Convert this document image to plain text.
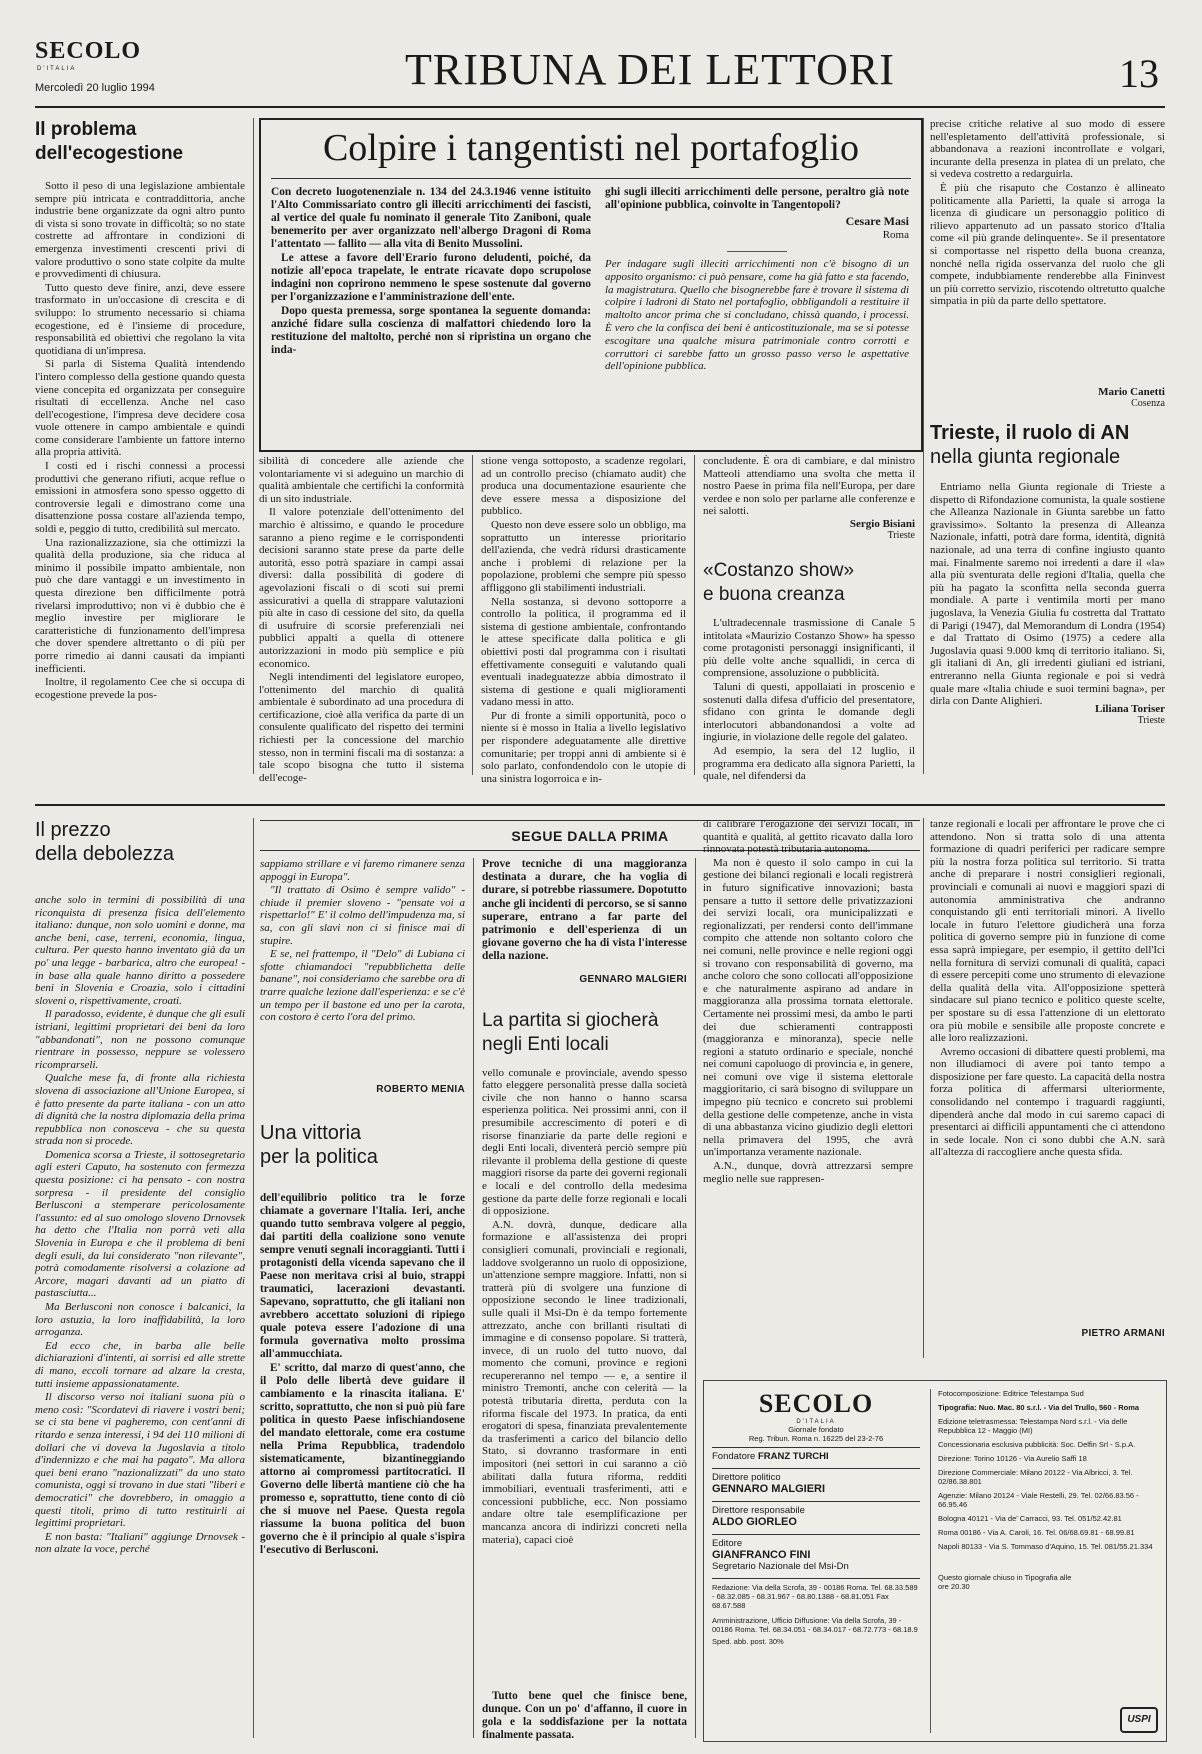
SECOLO
D'ITALIA
Mercoledì 20 luglio 1994	TRIBUNA DEI LETTORI	13
Il problema
dell'ecogestione

Sotto il peso di una legislazione ambientale sempre più intricata e contraddittoria, anche industrie bene organizzate da ogni altro punto di vista si sono trovate in difficoltà; so no state costrette ad affrontare in condizioni di emergenza investimenti crescenti privi di valore produttivo o sono state colpite da multe e provvedimenti di chiusura.

Tutto questo deve finire, anzi, deve essere trasformato in un'occasione di crescita e di sviluppo: lo strumento necessario si chiama ecogestione, ed è l'insieme di procedure, responsabilità ed obiettivi che regolano la vita quotidiana di un'impresa.

Si parla di Sistema Qualità intendendo l'intero complesso della gestione quando questa viene concepita ed organizzata per conseguire risultati di eccellenza. Anche nel caso dell'ecogestione, l'impresa deve decidere cosa vuole ottenere in campo ambientale e quindi come considerare l'ambiente un fattore interno alla propria attività.

I costi ed i rischi connessi a processi produttivi che generano rifiuti, acque reflue o emissioni in atmosfera sono spesso oggetto di controversie legali e dimostrano come una disattenzione possa costare all'azienda tempo, soldi e, peggio di tutto, credibilità sul mercato.

Una razionalizzazione, sia che ottimizzi la qualità della produzione, sia che riduca al minimo il possibile impatto ambientale, non può che dare vantaggi e un investimento in questa direzione ben difficilmente potrà rivelarsi improduttivo; non vi è dubbio che è meglio investire per migliorare le caratteristiche di funzionamento dell'impresa che dover spendere altrettanto o di più per porre rimedio ai danni causati da impianti inefficienti.

Inoltre, il regolamento Cee che si occupa di ecogestione prevede la pos-

Colpire i tangentisti nel portafoglio

Con decreto luogotenenziale n. 134 del 24.3.1946 venne istituito l'Alto Commissariato contro gli illeciti arricchimenti dei fascisti, al vertice del quale fu nominato il generale Tito Zaniboni, quale benemerito per aver organizzato nell'albergo Dragoni di Roma l'attentato — fallito — alla vita di Benito Mussolini.

Le attese a favore dell'Erario furono deludenti, poiché, da notizie all'epoca trapelate, le entrate ricavate dopo scrupolose indagini non coprirono nemmeno le spese sostenute dal governo per l'organizzazione e l'amministrazione dell'ente.

Dopo questa premessa, sorge spontanea la seguente domanda: anziché fidare sulla coscienza di malfattori chiedendo loro la restituzione del maltolto, perché non si ripristina un organo che inda-

ghi sugli illeciti arricchimenti delle persone, peraltro già note all'opinione pubblica, coinvolte in Tangentopoli?

Cesare Masi
Roma

Per indagare sugli illeciti arricchimenti non c'è bisogno di un apposito organismo: ci può pensare, come ha già fatto e sta facendo, la magistratura. Quello che bisognerebbe fare è trovare il sistema di colpire i ladroni di Stato nel portafoglio, obbligandoli a restituire il maltolto ancor prima che si concludano, chissà quando, i processi. È vero che la confisca dei beni è anticostituzionale, ma se si potesse escogitare una qualche misura patrimoniale contro corrotti e corruttori ci sarebbe fatto un grosso passo verso le aspettative dell'opinione pubblica.

sibilità di concedere alle aziende che volontariamente vi si adeguino un marchio di qualità ambientale che certifichi la conformità di un sito industriale.

Il valore potenziale dell'ottenimento del marchio è altissimo, e quando le procedure saranno a pieno regime e le corrispondenti decisioni saranno state prese da parte delle autorità, esso potrà spaziare in campi assai diversi: dalla possibilità di godere di agevolazioni fiscali o di scoti sui premi assicurativi a quella di strappare valutazioni più alte in caso di cessione del sito, da quella di usufruire di scorsie preferenziali nei pubblici appalti a quella di ottenere autorizzazioni in modo più semplice e più economico.

Negli intendimenti del legislatore europeo, l'ottenimento del marchio di qualità ambientale è subordinato ad una procedura di certificazione, cioè alla verifica da parte di un consulente qualificato del rispetto dei termini richiesti per la concessione del marchio stesso, non in termini fiscali ma di sostanza: a tale scopo bisogna che tutto il sistema dell'ecoge-

stione venga sottoposto, a scadenze regolari, ad un controllo preciso (chiamato audit) che produca una documentazione esauriente che deve essere messa a disposizione del pubblico.

Questo non deve essere solo un obbligo, ma soprattutto un interesse prioritario dell'azienda, che vedrà ridursi drasticamente anche i problemi di relazione per la popolazione, problemi che sempre più spesso affliggono gli stabilimenti industriali.

Nella sostanza, si devono sottoporre a controllo la politica, il programma ed il sistema di gestione ambientale, confrontando le attese specificate dalla politica e gli obiettivi posti dal programma con i risultati effettivamente conseguiti e valutando quali eventuali inadeguatezze abbia dimostrato il sistema di gestione e quali miglioramenti vadano messi in atto.

Pur di fronte a simili opportunità, poco o niente si è mosso in Italia a livello legislativo per rispondere adeguatamente alle direttive comunitarie; per troppi anni di ambiente si è solo parlato, confondendolo con le utopie di una sinistra logorroica e in-

concludente. È ora di cambiare, e dal ministro Matteoli attendiamo una svolta che metta il nostro Paese in prima fila nell'Europa, per dare verdee e non solo per parlarne alle conferenze e nei salotti.

Sergio Bisiani
Trieste
«Costanzo show»
e buona creanza

L'ultradecennale trasmissione di Canale 5 intitolata «Maurizio Costanzo Show» ha spesso come protagonisti personaggi insignificanti, il più delle volte anche squallidi, in cerca di comprensione, assoluzione o pubblicità.

Taluni di questi, appollaiati in proscenio e sostenuti dalla difesa d'ufficio del presentatore, sfidano con grinta le domande degli interlocutori abbandonandosi a volte ad ingiurie, in violazione delle regole del galateo.

Ad esempio, la sera del 12 luglio, il programma era dedicato alla signora Parietti, la quale, nel difendersi da

precise critiche relative al suo modo di essere nell'espletamento dell'attività professionale, si abbandonava a reazioni incontrollate e volgari, incurante della presenza in platea di un prelato, che si vedeva costretto a redarguirla.

È più che risaputo che Costanzo è allineato politicamente alla Parietti, la quale si arroga la licenza di giudicare un personaggio politico di rilievo appartenuto ad un passato storico d'Italia come «il più grande delinquente». Se il presentatore si comportasse nel rispetto della buona creanza, nonché nella rigida osservanza del ruolo che gli compete, indubbiamente renderebbe alla Fininvest un più corretto servizio, riscotendo oltretutto qualche simpatia in più da parte dello spettatore.

Mario Canetti
Cosenza
Trieste, il ruolo di AN
nella giunta regionale

Entriamo nella Giunta regionale di Trieste a dispetto di Rifondazione comunista, la quale sostiene che Alleanza Nazionale in Giunta sarebbe un fatto gravissimo». Soltanto la presenza di Alleanza Nazionale, infatti, potrà dare forma, identità, dignità nazionale, ad una terra di confine ingiusto quanto mai. Finalmente saremo noi irredenti a dare il «la» alla più sventurata delle regioni d'Italia, quella che più ha pagato la sconfitta nella seconda guerra mondiale. A parte i ventimila morti per mano jugoslava, la Venezia Giulia fu costretta dal Trattato di Parigi (1947), dal Memorandum di Londra (1954) e dal Trattato di Osimo (1975) a cedere alla Jugoslavia quasi 9.000 kmq di territorio italiano. Sì, gli italiani di An, gli irredenti giuliani ed istriani, entreranno nella Giunta regionale e poi si vedrà quale mare «Italia chiude e suoi termini bagna», per dirla con Dante Alighieri.

Liliana Toriser
Trieste
Il prezzo
della debolezza

anche solo in termini di possibilità di una riconquista di presenza fisica dell'elemento italiano: dunque, non solo uomini e donne, ma anche beni, case, terreni, economia, lingua, cultura. Per questo hanno inventato già da un po' una legge - barbarica, altro che europea! - in base alla quale hanno diritto a possedere beni in Slovenia e Croazia, solo i cittadini sloveni o, rispettivamente, croati.

Il paradosso, evidente, è dunque che gli esuli istriani, legittimi proprietari dei beni da loro "abbandonati", non ne possono comunque rientrare in possesso, neppure se volessero ricomprarseli.

Qualche mese fa, di fronte alla richiesta slovena di associazione all'Unione Europea, si è fatto presente da parte italiana - con un atto di dignità che la nostra diplomazia della prima repubblica non conosceva - che su questa strada non si procede.

Domenica scorsa a Trieste, il sottosegretario agli esteri Caputo, ha sostenuto con fermezza questa posizione: ci ha pensato - con nostra sorpresa - il presidente del consiglio Berlusconi a stemperare pericolosamente l'assunto: ed al suo omologo sloveno Drnovsek ha detto che l'Italia non porrà veti alla Slovenia in Europa e che il problema di beni degli esuli, da lui considerato "non rilevante", potrà comodamente risolversi a colazione ad Arcore, magari davanti ad un piatto di pastasciutta...

Ma Berlusconi non conosce i balcanici, la loro astuzia, la loro inaffidabilità, la loro arroganza.

Ed ecco che, in barba alle belle dichiarazioni d'intenti, ai sorrisi ed alle strette di mano, eccoli tornare ad alzare la cresta, tutti insieme appassionatamente.

Il discorso verso noi italiani suona più o meno così: "Scordatevi di riavere i vostri beni; se ci sta bene vi pagheremo, con cent'anni di ritardo e senza interessi, i 94 dei 110 milioni di dollari che vi doveva la Jugoslavia a titolo d'indennizzo e che mai ha pagato". Ma allora quei beni erano "nazionalizzati" da uno stato comunista, oggi si trovano in due stati "liberi e democratici" che dovrebbero, in omaggio a questi titoli, primo di tutto restituirli ai legittimi proprietari.

E non basta: "Italiani" aggiunge Drnovsek - non alzate la voce, perché

SEGUE DALLA PRIMA

sappiamo strillare e vi faremo rimanere senza appoggi in Europa".

"Il trattato di Osimo è sempre valido" - chiude il premier sloveno - "pensate voi a rispettarlo!" E' il colmo dell'impudenza ma, si sa, con gli slavi non ci si finisce mai di stupire.

E se, nel frattempo, il "Delo" di Lubiana ci sfotte chiamandoci "repubblichetta delle banane", noi consideriamo che sarebbe ora di trarre qualche lezione dall'esperienza: e se c'è un tempo per il bastone ed uno per la carota, con costoro è certo l'ora del primo.

ROBERTO MENIA
Una vittoria
per la politica

dell'equilibrio politico tra le forze chiamate a governare l'Italia. Ieri, anche quando tutto sembrava volgere al peggio, dai partiti della coalizione sono venute sempre venuti segnali incoraggianti. Tutti i protagonisti della vicenda sapevano che il Paese non meritava crisi al buio, strappi traumatici, lacerazioni devastanti. Sapevano, soprattutto, che gli italiani non avrebbero accettato soluzioni di ripiego quale poteva essere l'adozione di una formula governativa molto prossima all'ammucchiata.

E' scritto, dal marzo di quest'anno, che il Polo delle libertà deve guidare il cambiamento e la rinascita italiana. E' scritto, soprattutto, che non si può più fare politica in questo Paese infischiandosene del mandato elettorale, come era costume nella Prima Repubblica, tradendolo sistematicamente, bizantineggiando attorno ai compromessi partitocratici. Il Governo delle libertà mantiene ciò che ha promesso e, soprattutto, tiene conto di ciò che si muove nel Paese. Questa regola riassume la buona politica del buon governo che è il principio al quale s'ispira l'esecutivo di Berlusconi.

Prove tecniche di una maggioranza destinata a durare, che ha voglia di durare, si potrebbe riassumere. Dopotutto anche gli incidenti di percorso, se si sanno superare, entrano a far parte del patrimonio e dell'esperienza di un giovane governo che ha di vista l'interesse della nazione.

GENNARO MALGIERI
La partita si giocherà
negli Enti locali

vello comunale e provinciale, avendo spesso fatto eleggere personalità presse dalla società civile che non hanno o hanno scarsa esperienza politica. Nei prossimi anni, con il presumibile accrescimento di poteri e di risorse finanziarie da parte delle regioni e degli Enti locali, diventerà perciò sempre più rilevante il problema della gestione di queste maggiori risorse da parte dei governi regionali e locali e del controllo della medesima gestione da parte delle forze regionali e locali di opposizione.

A.N. dovrà, dunque, dedicare alla formazione e all'assistenza dei propri consiglieri comunali, provinciali e regionali, laddove svolgeranno un ruolo di opposizione, un'attenzione sempre maggiore. Infatti, non si tratterà più di svolgere una funzione di opposizione secondo le linee tradizionali, sulle quali il Msi-Dn è da tempo fortemente attrezzato, anche con brillanti risultati di immagine e di consenso popolare. Si tratterà, invece, di un ruolo del tutto nuovo, dal momento che comuni, province e regioni recupereranno nel tempo — e, a sentire il ministro Tremonti, anche con celerità — la potestà tributaria diretta, perduta con la riforma fiscale del 1973. In pratica, da enti erogatori di spesa, finanziata prevalentemente da trasferimenti a carico del bilancio dello Stato, si dovranno trasformare in enti impositori (nei settori in cui saranno a ciò abilitati dalla futura riforma, redditi immobiliari, eventuali trasferimenti, atti e concessioni pubbliche, ecc. Non possiamo andare oltre tale esemplificazione per mancanza ancora di indirizzi concreti nella materia), capaci cioè

di calibrare l'erogazione dei servizi locali, in quantità e qualità, al gettito ricavato dalla loro rinnovata potestà tributaria autonoma.

Ma non è questo il solo campo in cui la gestione dei bilanci regionali e locali registrerà in futuro significative innovazioni; basta pensare a tutto il settore delle privatizzazioni dei servizi locali, ora municipalizzati e regionalizzati, per rendersi conto dell'immane compito che attende non soltanto coloro che nei comuni, nelle province e nelle regioni oggi si trovano con responsabilità di governo, ma anche coloro che sono collocati all'opposizione e che naturalmente aspirano ad andare in maggioranza alla prossima tornata elettorale. Certamente nei prossimi mesi, da ambo le parti dei due schieramenti contrapposti (maggioranza e minoranza), specie nelle regioni a statuto ordinario e speciale, nonché nei comuni capoluogo di provincia e, in genere, nei comuni ove vige il sistema elettorale maggioritario, ci sarà bisogno di sviluppare un impegno più tecnico e concreto sui problemi della gestione delle competenze, anche in vista di una abbastanza vicino giudizio degli elettori nella primavera del 1995, che avrà un'importanza veramente nazionale.

A.N., dunque, dovrà attrezzarsi sempre meglio nelle sue rappresen-

tanze regionali e locali per affrontare le prove che ci attendono. Non si tratta solo di una attenta formazione di quadri periferici per radicare sempre più la nostra forza politica sul territorio. Si tratta anche di preparare i nostri consiglieri regionali, provinciali e comunali ai nuovi e maggiori spazi di autonomia amministrativa che andranno conquistando gli enti territoriali minori. A livello locale in futuro l'elettore giudicherà una forza politica di governo sempre più in funzione di come essa saprà impiegare, per esempio, il gettito dell'Ici nella fornitura di servizi comunali di qualità, capaci di essere percepiti come uno strumento di elevazione della qualità della vita. All'opposizione spetterà sindacare sul piano tecnico e politico queste scelte, per spostare su di essa l'attenzione di un elettorato ora più mobile e sensibile alle proposte concrete e alle loro realizzazioni.

Avremo occasioni di dibattere questi problemi, ma non illudiamoci di avere poi tanto tempo a disposizione per fare questo. La capacità della nostra forza politica di affermarsi ulteriormente, consolidando nel contempo i traguardi raggiunti, dipenderà anche dal modo in cui saremo capaci di presentarci ai difficili appuntamenti che ci attendono in sede locale. Non ci sono dubbi che A.N. sarà all'altezza di raccogliere anche questa sfida.

PIETRO ARMANI
SECOLO
D'ITALIA
Giornale fondato
Reg. Tribun. Roma n. 16225 del 23-2-76
Fondatore FRANZ TURCHI
Direttore politico
GENNARO MALGIERI
Direttore responsabile
ALDO GIORLEO
Editore
GIANFRANCO FINI
Segretario Nazionale del Msi-Dn
Redazione: Via della Scrofa, 39 - 00186 Roma. Tel. 68.33.589 - 68.32.085 - 68.31.967 - 68.80.1388 - 68.81.051 Fax 68.67.588
Amministrazione, Ufficio Diffusione: Via della Scrofa, 39 - 00186 Roma. Tel. 68.34.051 - 68.34.017 - 68.72.773 - 68.18.9
Sped. abb. post. 30%
Fotocomposizione: Editrice Telestampa Sud
Tipografia: Nuo. Mac. 80 s.r.l. - Via del Trullo, 560 - Roma
Edizione teletrasmessa: Telestampa Nord s.r.l. - Via delle Repubblica 12 - Maggio (MI)
Concessionaria esclusiva pubblicità: Soc. Delfin Srl - S.p.A.
Direzione: Torino 10126 - Via Aurelio Saffi 18
Direzione Commerciale: Milano 20122 - Via Albricci, 3. Tel. 02/86.38.801
Agenzie: Milano 20124 - Viale Restelli, 29. Tel. 02/66.83.56 - 66.95.46
Bologna 40121 - Via de' Carracci, 93. Tel. 051/52.42.81
Roma 00186 - Via A. Caroli, 16. Tel. 06/68.69.81 - 68.99.81
Napoli 80133 - Via S. Tommaso d'Aquino, 15. Tel. 081/55.21.334
Questo giornale chiuso in Tipografia alle ore 20.30
USPI

Tutto bene quel che finisce bene, dunque. Con un po' d'affanno, il cuore in gola e la soddisfazione per la nottata finalmente passata.
